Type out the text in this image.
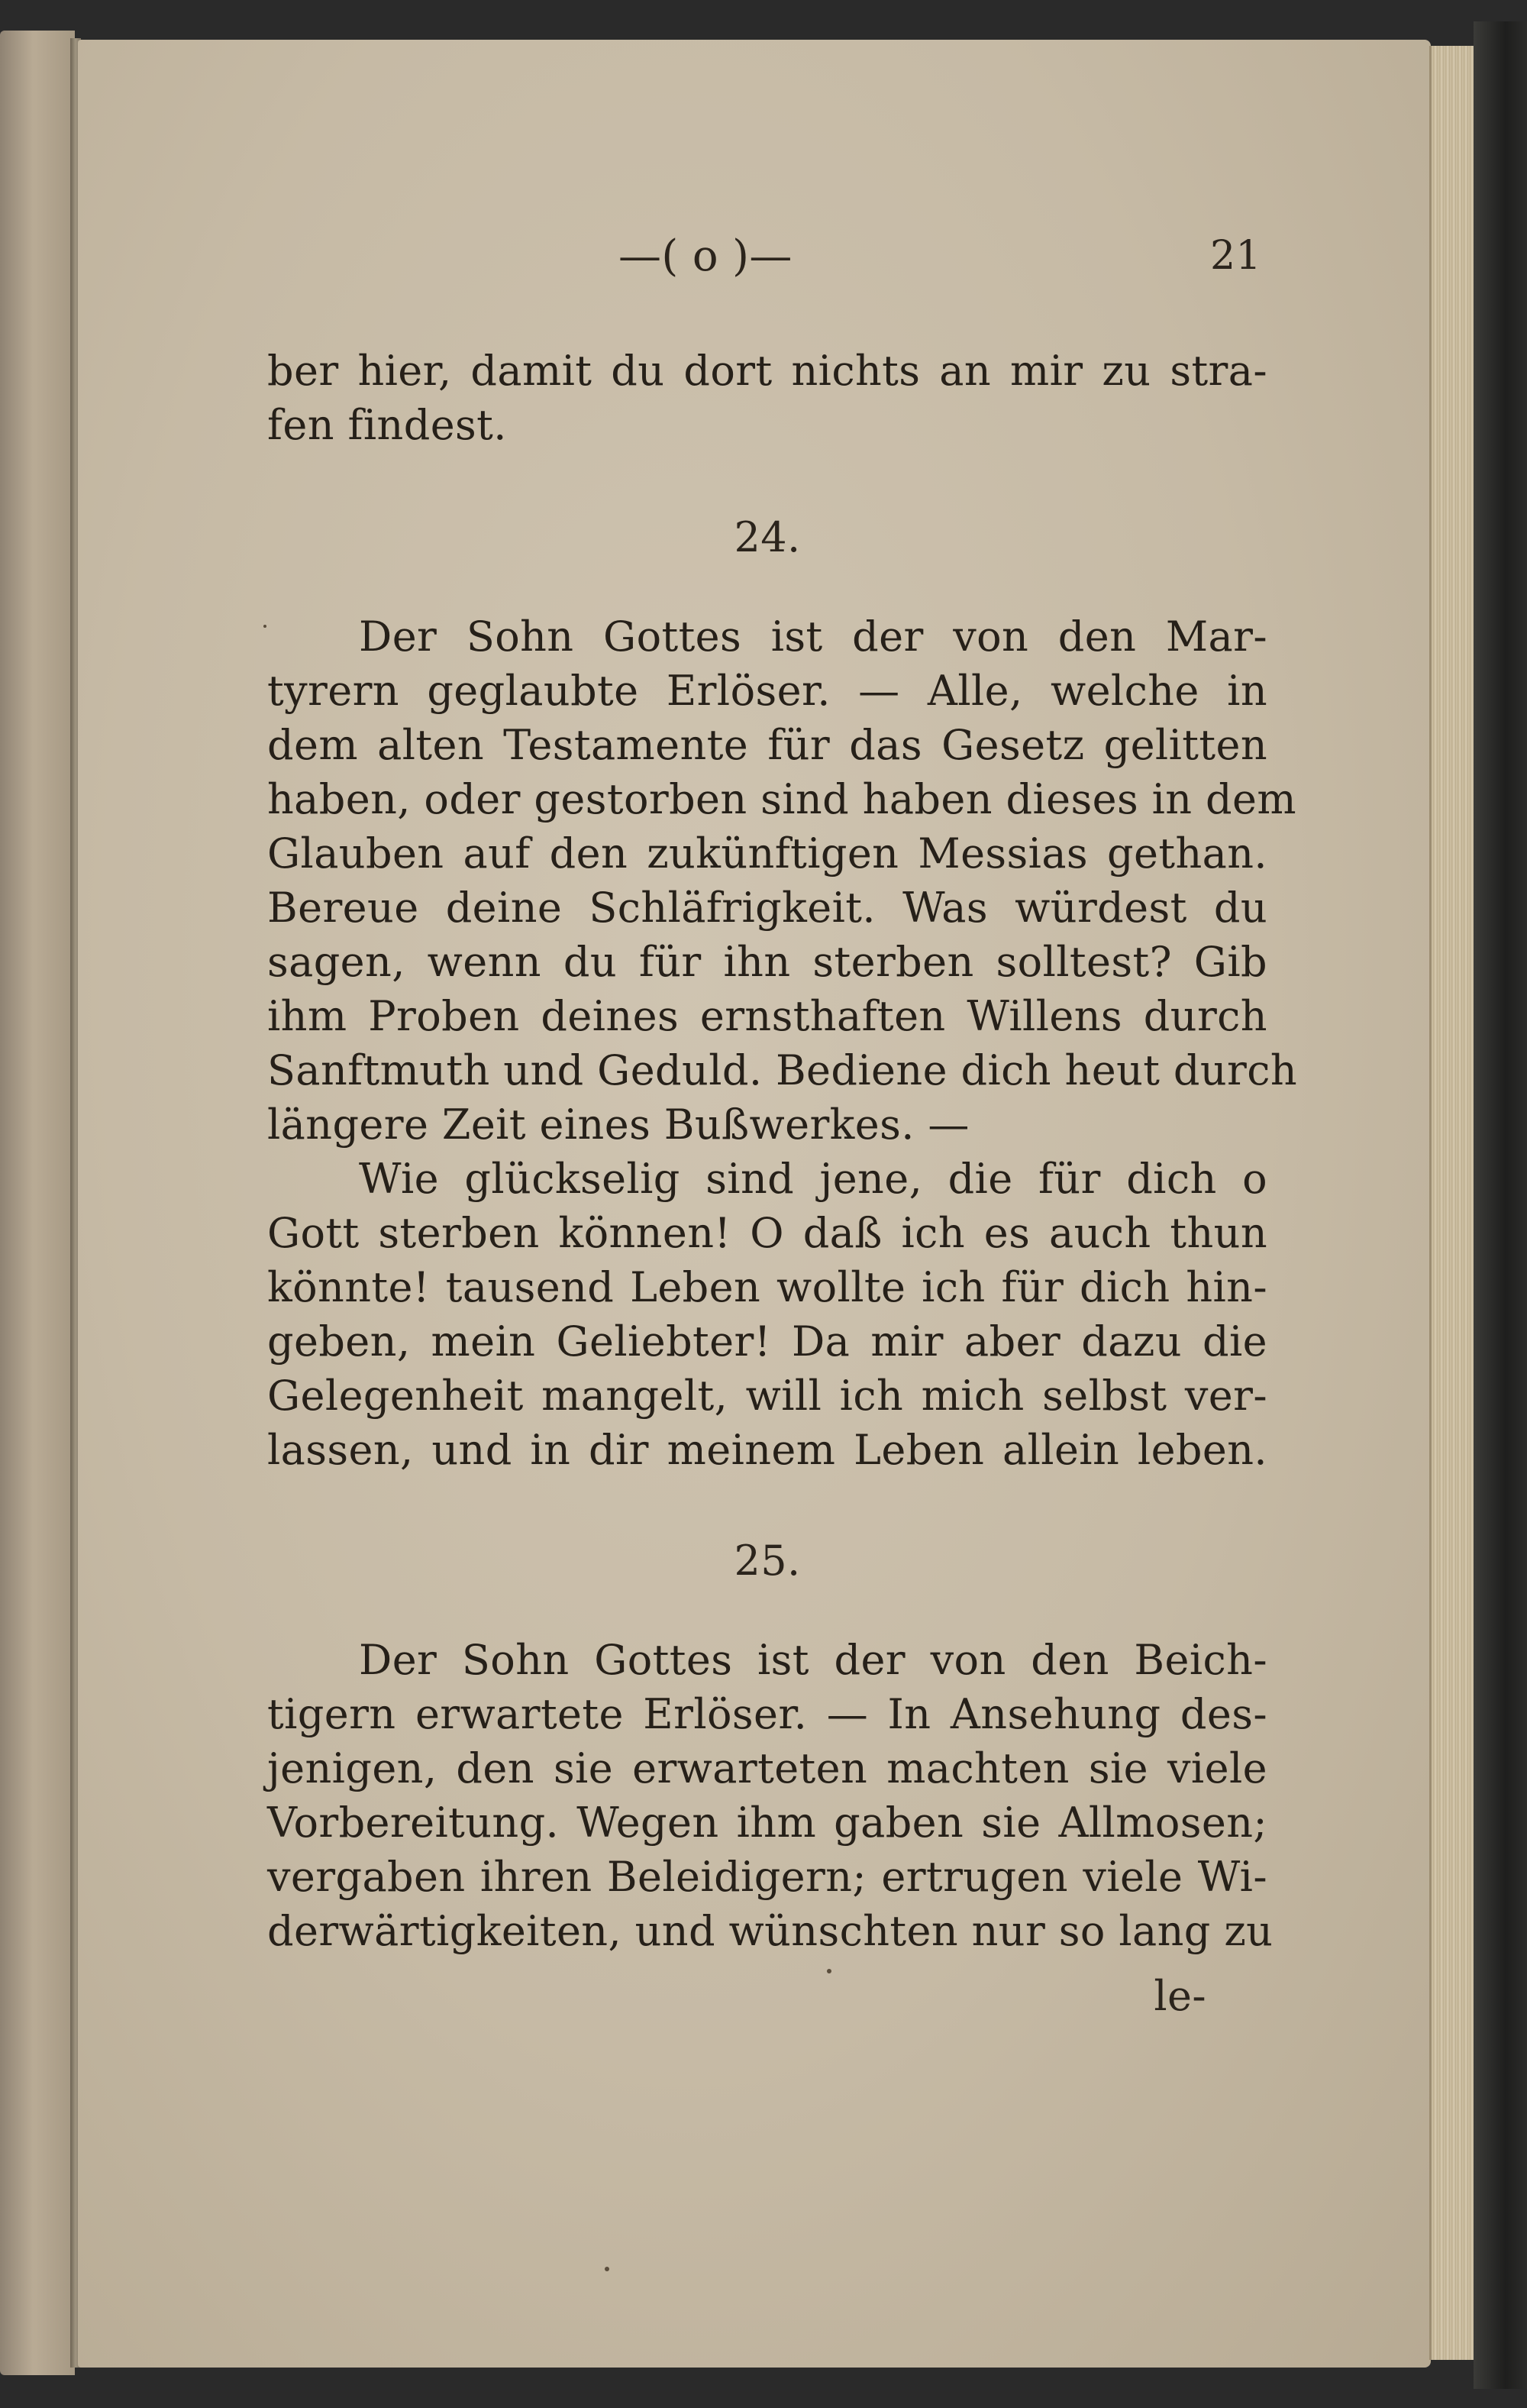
—( o )—	21
ber hier, damit du dort nichts an mir zu stra-
fen findest.
24.
Der Sohn Gottes ist der von den Mar-
tyrern geglaubte Erlöser. — Alle, welche in
dem alten Testamente für das Gesetz gelitten
haben, oder gestorben sind haben dieses in dem
Glauben auf den zukünftigen Messias gethan.
Bereue deine Schläfrigkeit. Was würdest du
sagen, wenn du für ihn sterben solltest? Gib
ihm Proben deines ernsthaften Willens durch
Sanftmuth und Geduld. Bediene dich heut durch
längere Zeit eines Bußwerkes. —
Wie glückselig sind jene, die für dich o
Gott sterben können! O daß ich es auch thun
könnte! tausend Leben wollte ich für dich hin-
geben, mein Geliebter! Da mir aber dazu die
Gelegenheit mangelt, will ich mich selbst ver-
lassen, und in dir meinem Leben allein leben.
25.
Der Sohn Gottes ist der von den Beich-
tigern erwartete Erlöser. — In Ansehung des-
jenigen, den sie erwarteten machten sie viele
Vorbereitung. Wegen ihm gaben sie Allmosen;
vergaben ihren Beleidigern; ertrugen viele Wi-
derwärtigkeiten, und wünschten nur so lang zu
le-
